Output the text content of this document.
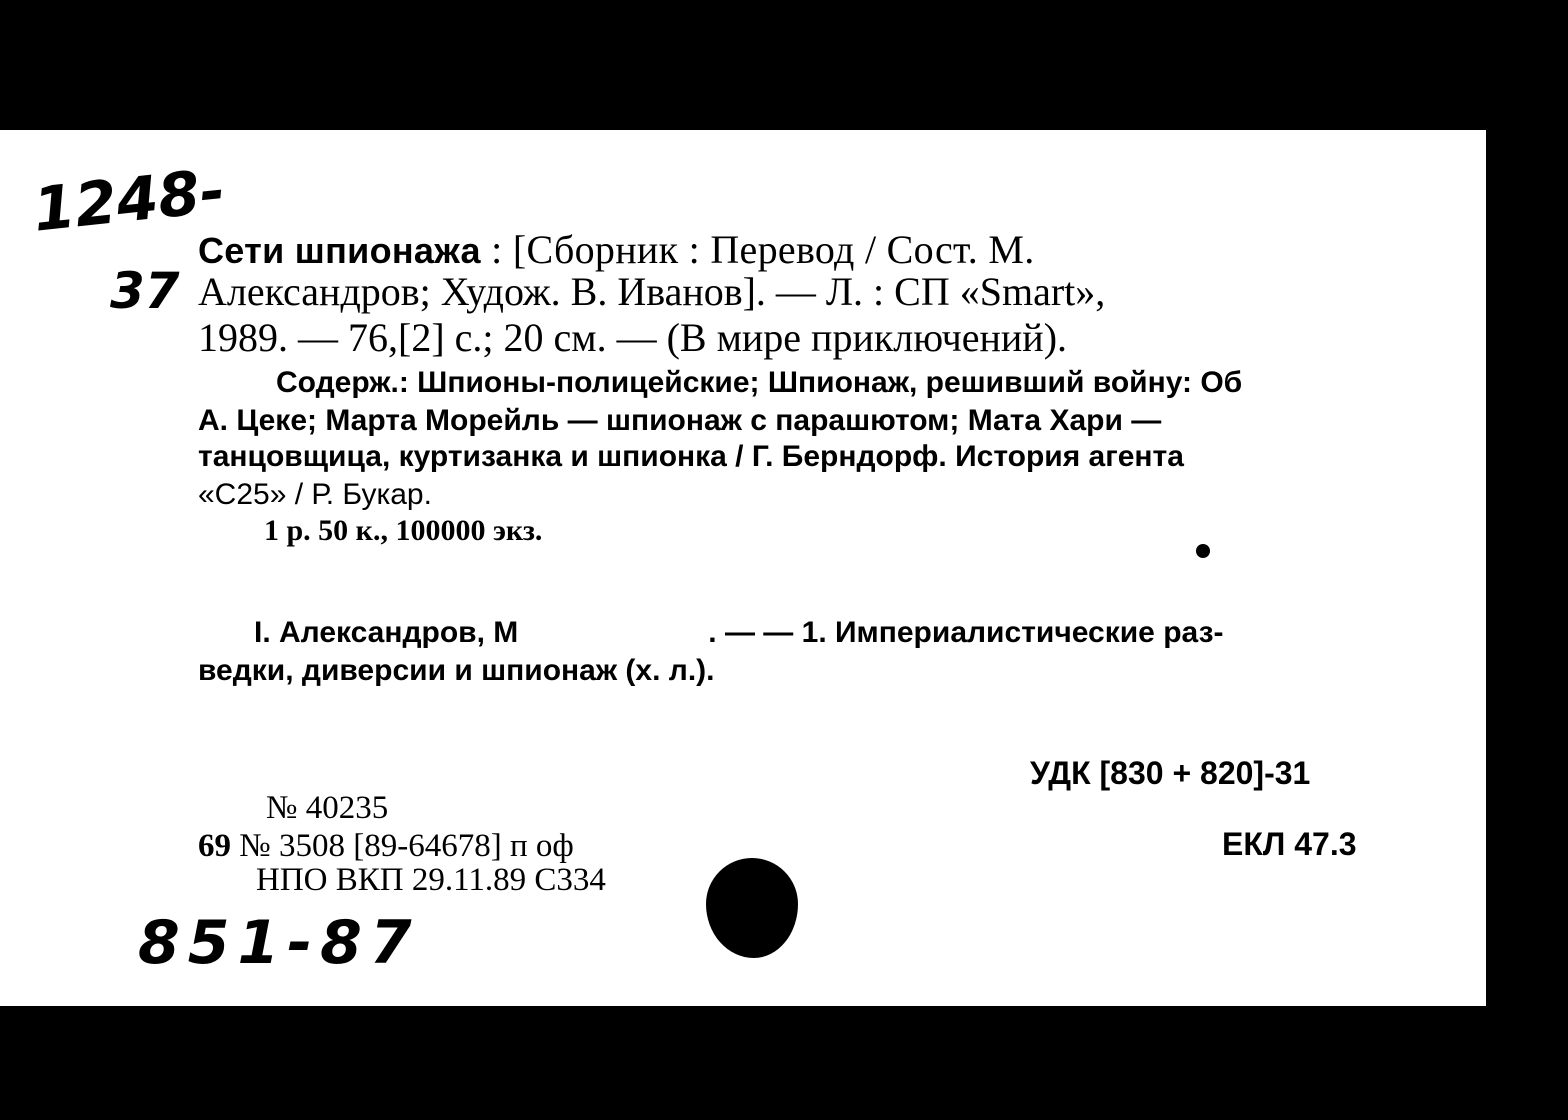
1248-
37
Сети шпионажа : [Сборник : Перевод / Сост. М.
Александров; Худож. В. Иванов]. — Л. : СП «Smart»,
1989. — 76,[2] с.; 20 см. — (В мире приключений).
Содерж.: Шпионы-полицейские; Шпионаж, решивший войну: Об
А. Цеке; Марта Морейль — шпионаж с парашютом; Мата Хари —
танцовщица, куртизанка и шпионка / Г. Берндорф. История агента
«С25» / Р. Букар.
1 р. 50 к., 100000 экз.
I. Александров, М	. — — 1. Империалистические раз-
ведки, диверсии и шпионаж (х. л.).
УДК [830 + 820]-31
ЕКЛ 47.3
№ 40235
69 № 3508 [89-64678] п оф
НПО ВКП 29.11.89 С334
851-87
